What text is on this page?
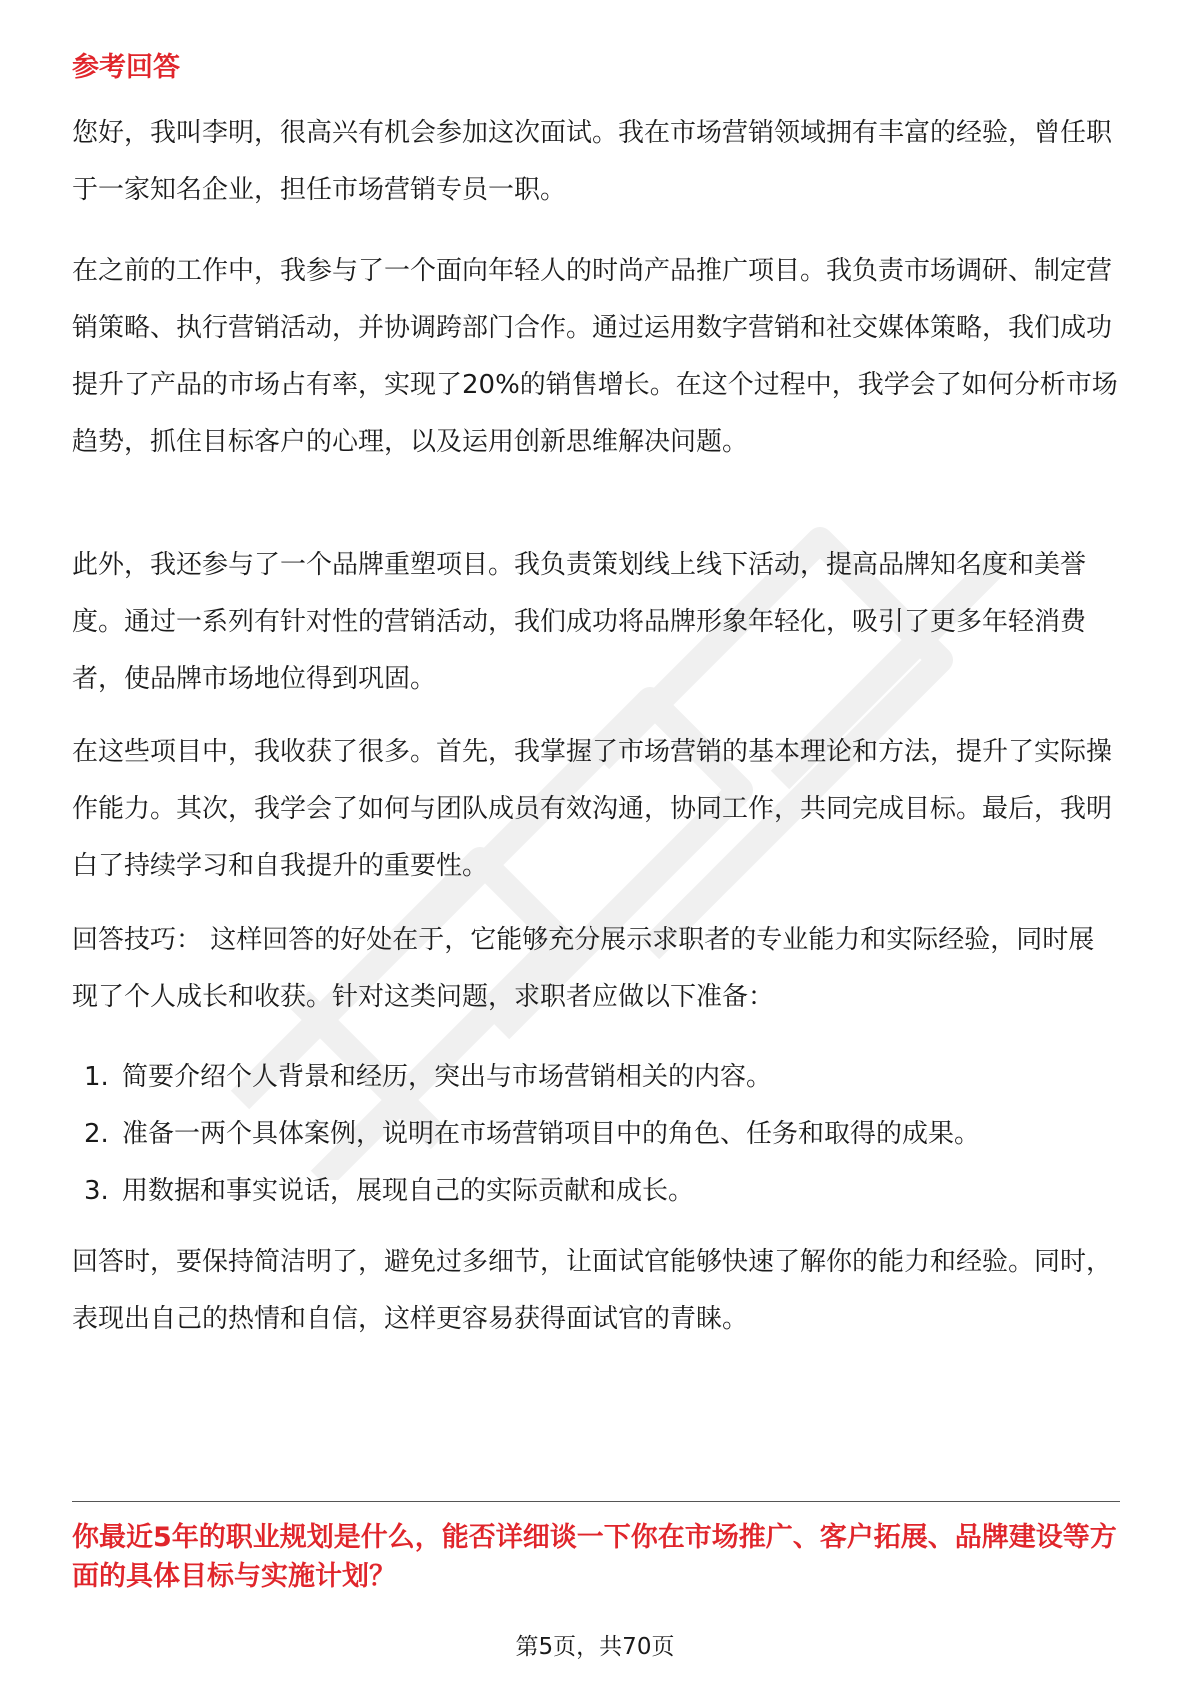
参考回答

您好，我叫李明，很高兴有机会参加这次面试。我在市场营销领域拥有丰富的经验，曾任职于一家知名企业，担任市场营销专员一职。

在之前的工作中，我参与了一个面向年轻人的时尚产品推广项目。我负责市场调研、制定营销策略、执行营销活动，并协调跨部门合作。通过运用数字营销和社交媒体策略，我们成功提升了产品的市场占有率，实现了20%的销售增长。在这个过程中，我学会了如何分析市场趋势，抓住目标客户的心理，以及运用创新思维解决问题。

此外，我还参与了一个品牌重塑项目。我负责策划线上线下活动，提高品牌知名度和美誉度。通过一系列有针对性的营销活动，我们成功将品牌形象年轻化，吸引了更多年轻消费者，使品牌市场地位得到巩固。

在这些项目中，我收获了很多。首先，我掌握了市场营销的基本理论和方法，提升了实际操作能力。其次，我学会了如何与团队成员有效沟通，协同工作，共同完成目标。最后，我明白了持续学习和自我提升的重要性。

回答技巧： 这样回答的好处在于，它能够充分展示求职者的专业能力和实际经验，同时展现了个人成长和收获。针对这类问题，求职者应做以下准备：

1. 简要介绍个人背景和经历，突出与市场营销相关的内容。
2. 准备一两个具体案例，说明在市场营销项目中的角色、任务和取得的成果。
3. 用数据和事实说话，展现自己的实际贡献和成长。

回答时，要保持简洁明了，避免过多细节，让面试官能够快速了解你的能力和经验。同时，表现出自己的热情和自信，这样更容易获得面试官的青睐。

你最近5年的职业规划是什么，能否详细谈一下你在市场推广、客户拓展、品牌建设等方面的具体目标与实施计划？

第5页，共70页
